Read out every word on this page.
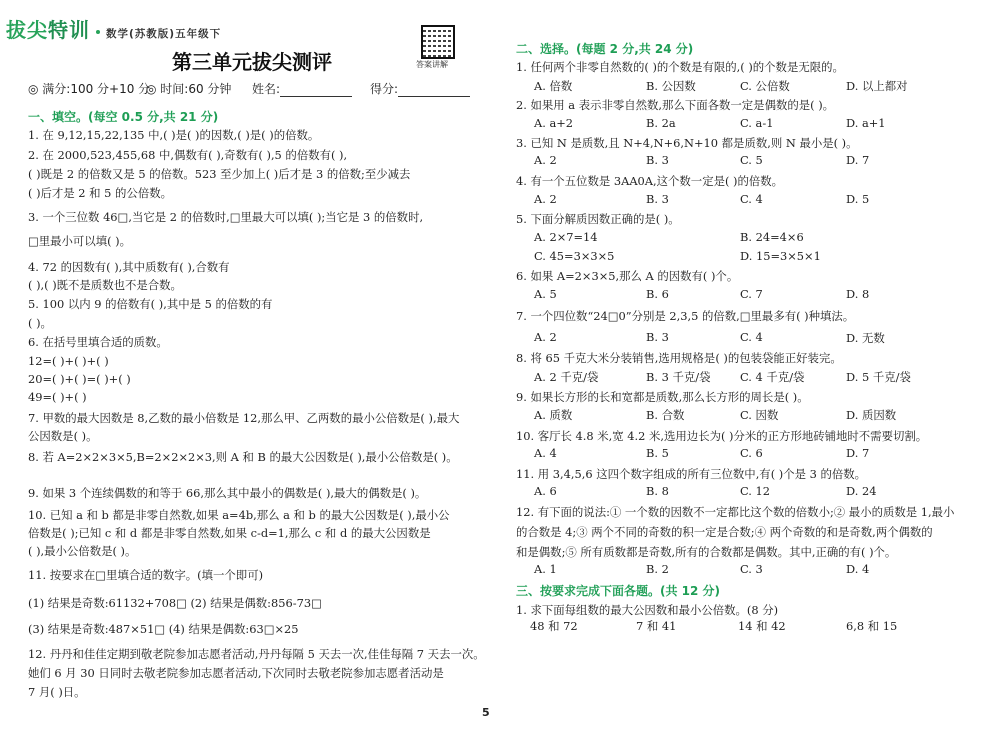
拔尖特训 数学(苏教版)五年级下
答案讲解
第三单元拔尖测评
◎ 满分:100 分+10 分
◎ 时间:60 分钟 姓名:	得分:
一、填空。(每空 0.5 分,共 21 分)
1. 在 9,12,15,22,135 中,( )是( )的因数,( )是( )的倍数。
2. 在 2000,523,455,68 中,偶数有( ),奇数有( ),5 的倍数有( ),
( )既是 2 的倍数又是 5 的倍数。523 至少加上( )后才是 3 的倍数;至少减去
( )后才是 2 和 5 的公倍数。
3. 一个三位数 46□,当它是 2 的倍数时,□里最大可以填( );当它是 3 的倍数时,
□里最小可以填( )。
4. 72 的因数有( ),其中质数有( ),合数有
( ),( )既不是质数也不是合数。
5. 100 以内 9 的倍数有( ),其中是 5 的倍数的有
( )。
6. 在括号里填合适的质数。
12=( )+( )+( )
20=( )+( )=( )+( )
49=( )+( )
7. 甲数的最大因数是 8,乙数的最小倍数是 12,那么甲、乙两数的最小公倍数是( ),最大
公因数是( )。
8. 若 A=2×2×3×5,B=2×2×2×3,则 A 和 B 的最大公因数是( ),最小公倍数是( )。
9. 如果 3 个连续偶数的和等于 66,那么其中最小的偶数是( ),最大的偶数是( )。
10. 已知 a 和 b 都是非零自然数,如果 a=4b,那么 a 和 b 的最大公因数是( ),最小公
倍数是( );已知 c 和 d 都是非零自然数,如果 c-d=1,那么 c 和 d 的最大公因数是
( ),最小公倍数是( )。
11. 按要求在□里填合适的数字。(填一个即可)
(1) 结果是奇数:61132+708□ (2) 结果是偶数:856-73□
(3) 结果是奇数:487×51□ (4) 结果是偶数:63□×25
12. 丹丹和佳佳定期到敬老院参加志愿者活动,丹丹每隔 5 天去一次,佳佳每隔 7 天去一次。
她们 6 月 30 日同时去敬老院参加志愿者活动,下次同时去敬老院参加志愿者活动是
7 月( )日。
二、选择。(每题 2 分,共 24 分)
1. 任何两个非零自然数的( )的个数是有限的,( )的个数是无限的。
A. 倍数	B. 公因数	C. 公倍数	D. 以上都对
2. 如果用 a 表示非零自然数,那么下面各数一定是偶数的是( )。
A. a+2	B. 2a	C. a-1	D. a+1
3. 已知 N 是质数,且 N+4,N+6,N+10 都是质数,则 N 最小是( )。
A. 2	B. 3	C. 5	D. 7
4. 有一个五位数是 3AA0A,这个数一定是( )的倍数。
A. 2	B. 3	C. 4	D. 5
5. 下面分解质因数正确的是( )。
A. 2×7=14	B. 24=4×6
C. 45=3×3×5	D. 15=3×5×1
6. 如果 A=2×3×5,那么 A 的因数有( )个。
A. 5	B. 6	C. 7	D. 8
7. 一个四位数“24□0”分别是 2,3,5 的倍数,□里最多有( )种填法。
A. 2	B. 3	C. 4	D. 无数
8. 将 65 千克大米分装销售,选用规格是( )的包装袋能正好装完。
A. 2 千克/袋	B. 3 千克/袋	C. 4 千克/袋	D. 5 千克/袋
9. 如果长方形的长和宽都是质数,那么长方形的周长是( )。
A. 质数	B. 合数	C. 因数	D. 质因数
10. 客厅长 4.8 米,宽 4.2 米,选用边长为( )分米的正方形地砖铺地时不需要切割。
A. 4	B. 5	C. 6	D. 7
11. 用 3,4,5,6 这四个数字组成的所有三位数中,有( )个是 3 的倍数。
A. 6	B. 8	C. 12	D. 24
12. 有下面的说法:① 一个数的因数不一定都比这个数的倍数小;② 最小的质数是 1,最小
的合数是 4;③ 两个不同的奇数的积一定是合数;④ 两个奇数的和是奇数,两个偶数的
和是偶数;⑤ 所有质数都是奇数,所有的合数都是偶数。其中,正确的有( )个。
A. 1	B. 2	C. 3	D. 4
三、按要求完成下面各题。(共 12 分)
1. 求下面每组数的最大公因数和最小公倍数。(8 分)
48 和 72	7 和 41	14 和 42	6,8 和 15
5
